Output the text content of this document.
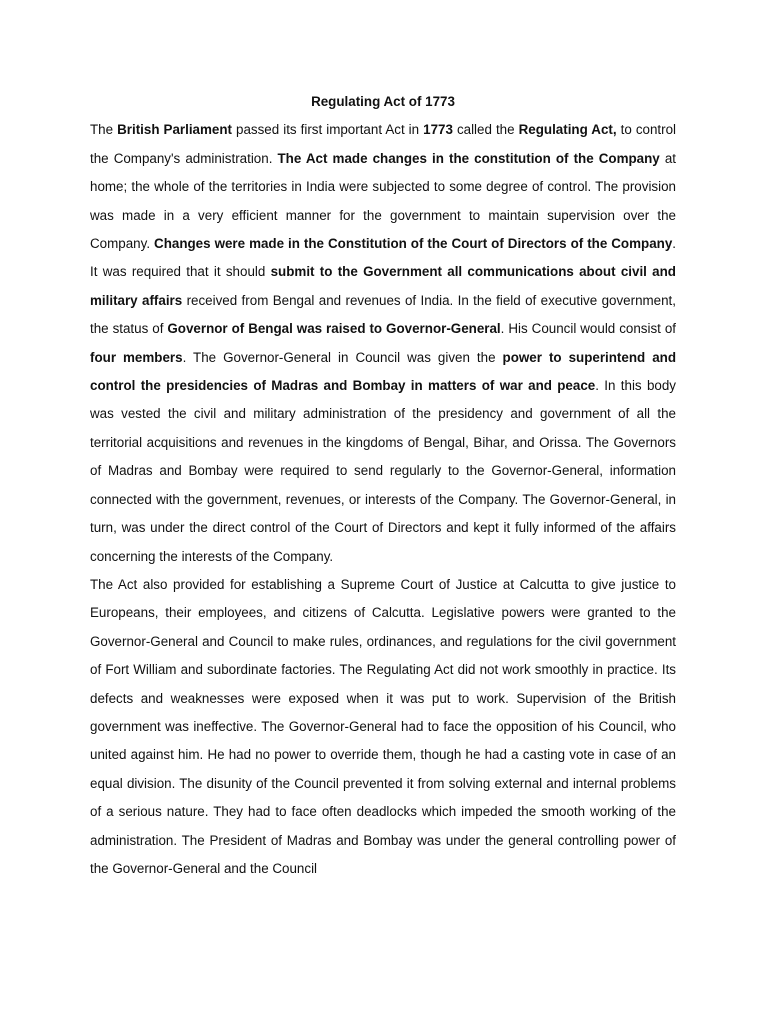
Regulating Act of 1773

The British Parliament passed its first important Act in 1773 called the Regulating Act, to control the Company's administration. The Act made changes in the constitution of the Company at home; the whole of the territories in India were subjected to some degree of control. The provision was made in a very efficient manner for the government to maintain supervision over the Company. Changes were made in the Constitution of the Court of Directors of the Company. It was required that it should submit to the Government all communications about civil and military affairs received from Bengal and revenues of India. In the field of executive government, the status of Governor of Bengal was raised to Governor-General. His Council would consist of four members. The Governor-General in Council was given the power to superintend and control the presidencies of Madras and Bombay in matters of war and peace. In this body was vested the civil and military administration of the presidency and government of all the territorial acquisitions and revenues in the kingdoms of Bengal, Bihar, and Orissa. The Governors of Madras and Bombay were required to send regularly to the Governor-General, information connected with the government, revenues, or interests of the Company. The Governor-General, in turn, was under the direct control of the Court of Directors and kept it fully informed of the affairs concerning the interests of the Company.

The Act also provided for establishing a Supreme Court of Justice at Calcutta to give justice to Europeans, their employees, and citizens of Calcutta. Legislative powers were granted to the Governor-General and Council to make rules, ordinances, and regulations for the civil government of Fort William and subordinate factories. The Regulating Act did not work smoothly in practice. Its defects and weaknesses were exposed when it was put to work. Supervision of the British government was ineffective. The Governor-General had to face the opposition of his Council, who united against him. He had no power to override them, though he had a casting vote in case of an equal division. The disunity of the Council prevented it from solving external and internal problems of a serious nature. They had to face often deadlocks which impeded the smooth working of the administration. The President of Madras and Bombay was under the general controlling power of the Governor-General and the Council
